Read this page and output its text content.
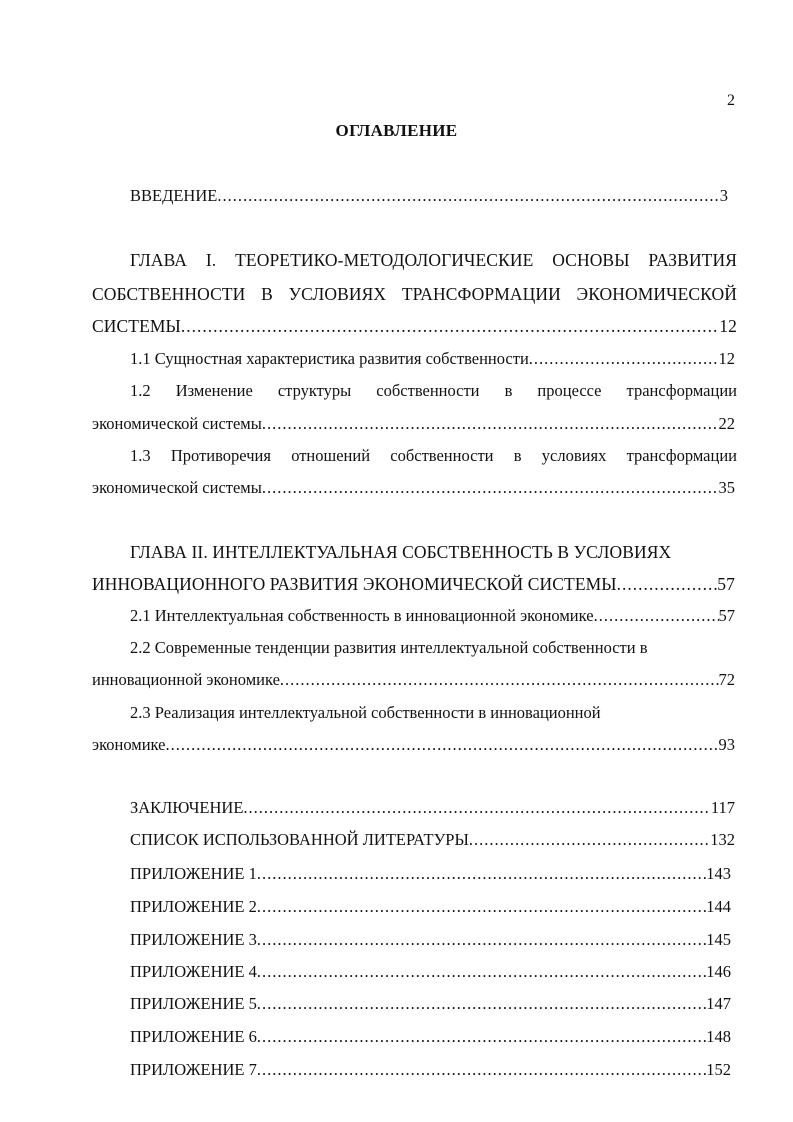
2
ОГЛАВЛЕНИЕ
ВВЕДЕНИЕ .....	3
ГЛАВА I. ТЕОРЕТИКО-МЕТОДОЛОГИЧЕСКИЕ ОСНОВЫ РАЗВИТИЯ
СОБСТВЕННОСТИ В УСЛОВИЯХ ТРАНСФОРМАЦИИ ЭКОНОМИЧЕСКОЙ
СИСТЕМЫ .....	12
1.1 Сущностная характеристика развития собственности .....	12
1.2 Изменение структуры собственности в процессе трансформации
экономической системы .....	22
1.3 Противоречия отношений собственности в условиях трансформации
экономической системы .....	35
ГЛАВА II. ИНТЕЛЛЕКТУАЛЬНАЯ СОБСТВЕННОСТЬ В УСЛОВИЯХ
ИННОВАЦИОННОГО РАЗВИТИЯ ЭКОНОМИЧЕСКОЙ СИСТЕМЫ .....	57
2.1 Интеллектуальная собственность в инновационной экономике .....	57
2.2 Современные тенденции развития интеллектуальной собственности в
инновационной экономике .....	72
2.3 Реализация интеллектуальной собственности в инновационной
экономике .....	93
ЗАКЛЮЧЕНИЕ .....	117
СПИСОК ИСПОЛЬЗОВАННОЙ ЛИТЕРАТУРЫ .....	132
ПРИЛОЖЕНИЕ 1 .....	143
ПРИЛОЖЕНИЕ 2 .....	144
ПРИЛОЖЕНИЕ 3 .....	145
ПРИЛОЖЕНИЕ 4 .....	146
ПРИЛОЖЕНИЕ 5 .....	147
ПРИЛОЖЕНИЕ 6 .....	148
ПРИЛОЖЕНИЕ 7 .....	152
